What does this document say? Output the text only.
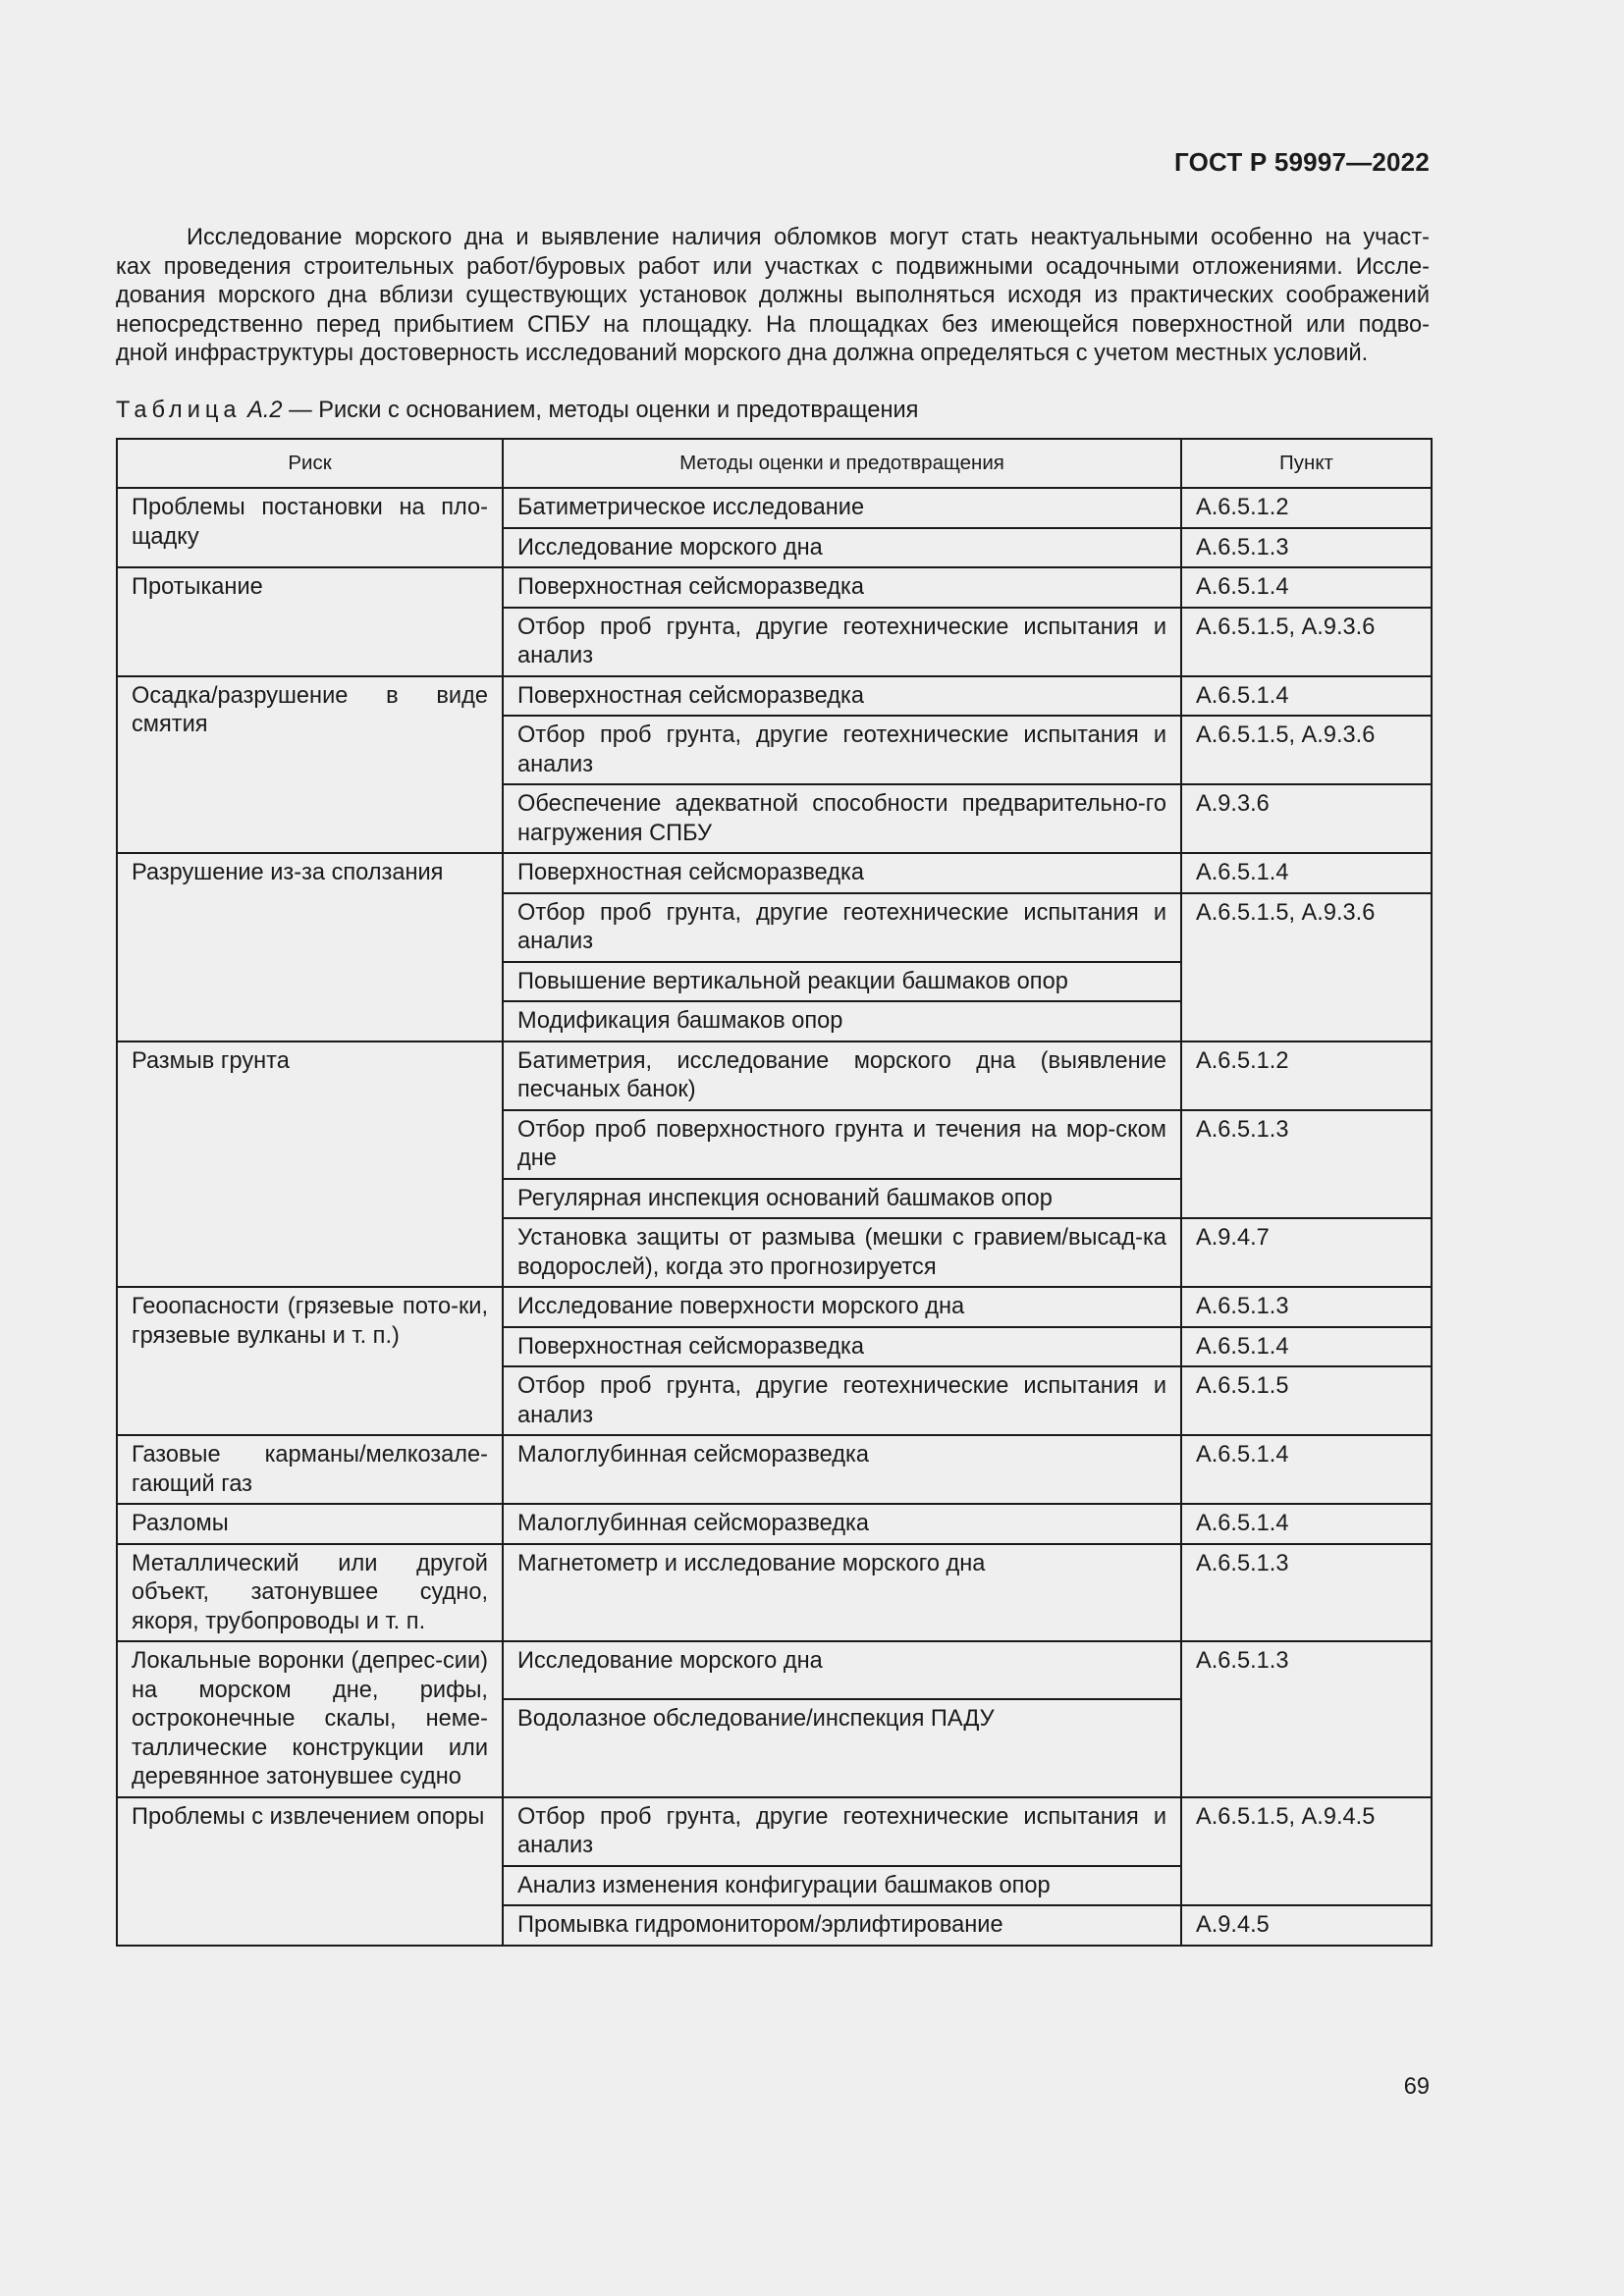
ГОСТ Р 59997—2022
Исследование морского дна и выявление наличия обломков могут стать неактуальными особенно на участ-
ках проведения строительных работ/буровых работ или участках с подвижными осадочными отложениями. Иссле-
дования морского дна вблизи существующих установок должны выполняться исходя из практических соображений
непосредственно перед прибытием СПБУ на площадку. На площадках без имеющейся поверхностной или подво-
дной инфраструктуры достоверность исследований морского дна должна определяться с учетом местных условий.
Таблица А.2 — Риски с основанием, методы оценки и предотвращения
Риск	Методы оценки и предотвращения	Пункт
Проблемы постановки на пло-щадку	Батиметрическое исследование	А.6.5.1.2
	Исследование морского дна	А.6.5.1.3
Протыкание	Поверхностная сейсморазведка	А.6.5.1.4
	Отбор проб грунта, другие геотехнические испытания и анализ	А.6.5.1.5, А.9.3.6
Осадка/разрушение в виде смятия	Поверхностная сейсморазведка	А.6.5.1.4
	Отбор проб грунта, другие геотехнические испытания и анализ	А.6.5.1.5, А.9.3.6
	Обеспечение адекватной способности предварительно-го нагружения СПБУ	А.9.3.6
Разрушение из-за сползания	Поверхностная сейсморазведка	А.6.5.1.4
	Отбор проб грунта, другие геотехнические испытания и анализ	А.6.5.1.5, А.9.3.6
	Повышение вертикальной реакции башмаков опор	
	Модификация башмаков опор	
Размыв грунта	Батиметрия, исследование морского дна (выявление песчаных банок)	А.6.5.1.2
	Отбор проб поверхностного грунта и течения на мор-ском дне	А.6.5.1.3
	Регулярная инспекция оснований башмаков опор	
	Установка защиты от размыва (мешки с гравием/высад-ка водорослей), когда это прогнозируется	А.9.4.7
Геоопасности (грязевые пото-ки, грязевые вулканы и т. п.)	Исследование поверхности морского дна	А.6.5.1.3
	Поверхностная сейсморазведка	А.6.5.1.4
	Отбор проб грунта, другие геотехнические испытания и анализ	А.6.5.1.5
Газовые карманы/мелкозале-гающий газ	Малоглубинная сейсморазведка	А.6.5.1.4
Разломы	Малоглубинная сейсморазведка	А.6.5.1.4
Металлический или другой объект, затонувшее судно, якоря, трубопроводы и т. п.	Магнетометр и исследование морского дна	А.6.5.1.3
Локальные воронки (депрес-сии) на морском дне, рифы, остроконечные скалы, неме-таллические конструкции или деревянное затонувшее судно	Исследование морского дна	А.6.5.1.3
	Водолазное обследование/инспекция ПАДУ	
Проблемы с извлечением опоры	Отбор проб грунта, другие геотехнические испытания и анализ	А.6.5.1.5, А.9.4.5
	Анализ изменения конфигурации башмаков опор	
	Промывка гидромонитором/эрлифтирование	А.9.4.5
69
